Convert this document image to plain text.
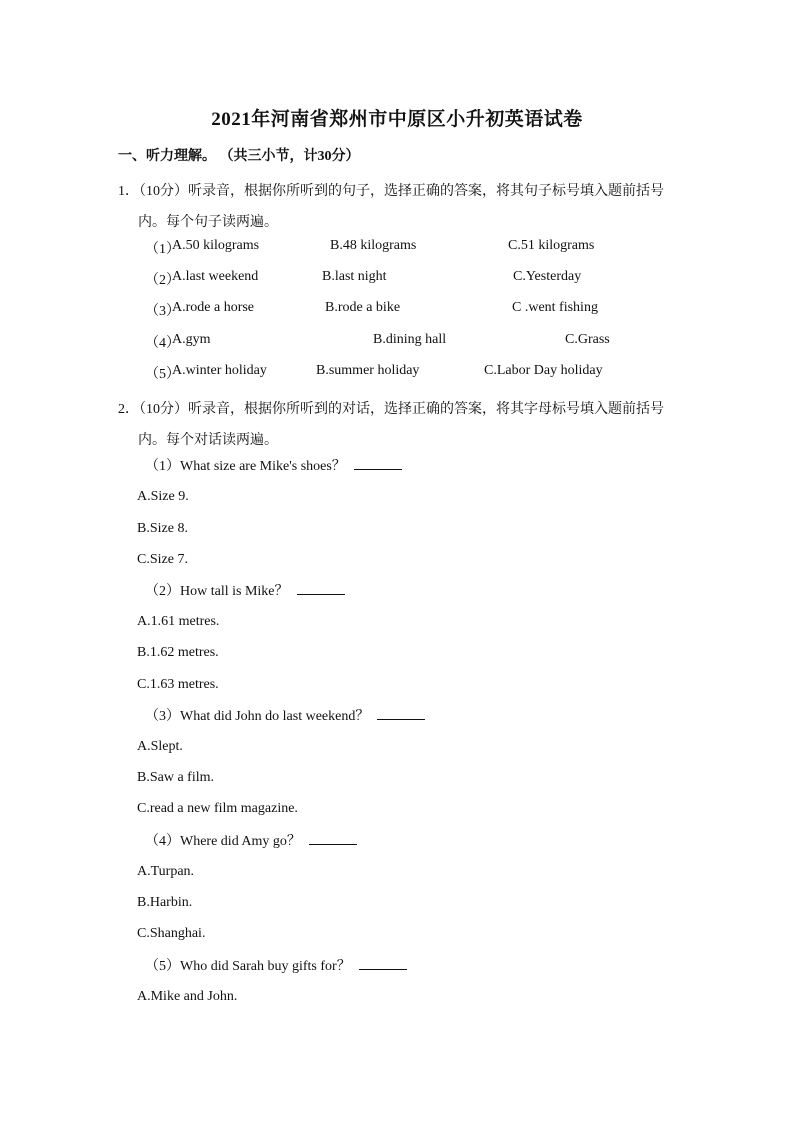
2021年河南省郑州市中原区小升初英语试卷
一、听力理解。 （共三小节，计30分）
1．（10分）听录音，根据你所听到的句子，选择正确的答案，将其句子标号填入题前括号
内。每个句子读两遍。
（1）
A.50 kilograms	B.48 kilograms	C.51 kilograms
（2）
A.last weekend	B.last night	C.Yesterday
（3）
A.rode a horse	B.rode a bike	C .went fishing
（4）
A.gym	B.dining hall	C.Grass
（5）
A.winter holiday	B.summer holiday	C.Labor Day holiday
2．（10分）听录音，根据你所听到的对话，选择正确的答案，将其字母标号填入题前括号
内。每个对话读两遍。
（1）What size are Mike's shoes？
A.Size 9.
B.Size 8.
C.Size 7.
（2）How tall is Mike？
A.1.61 metres.
B.1.62 metres.
C.1.63 metres.
（3）What did John do last weekend？
A.Slept.
B.Saw a film.
C.read a new film magazine.
（4）Where did Amy go？
A.Turpan.
B.Harbin.
C.Shanghai.
（5）Who did Sarah buy gifts for？
A.Mike and John.
